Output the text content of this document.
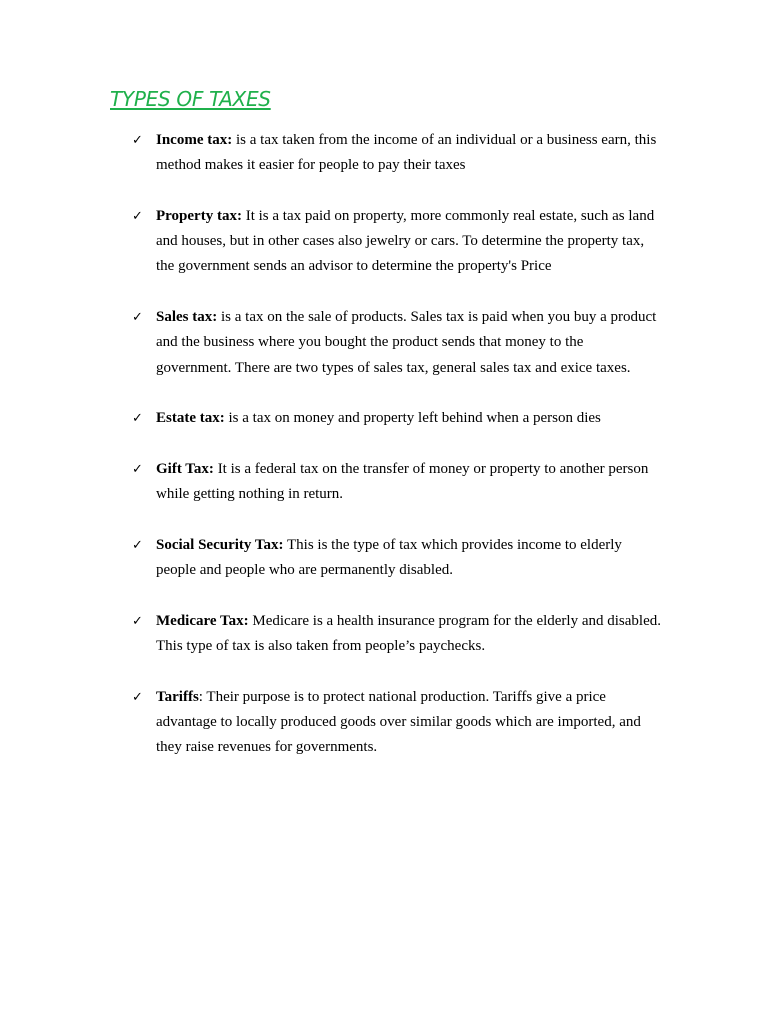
TYPES OF TAXES
✓ Income tax: is a tax taken from the income of an individual or a business earn, this method makes it easier for people to pay their taxes
✓ Property tax: It is a tax paid on property, more commonly real estate, such as land and houses, but in other cases also jewelry or cars. To determine the property tax, the government sends an advisor to determine the property's Price
✓ Sales tax: is a tax on the sale of products. Sales tax is paid when you buy a product and the business where you bought the product sends that money to the government. There are two types of sales tax, general sales tax and exice taxes.
✓ Estate tax: is a tax on money and property left behind when a person dies
✓ Gift Tax: It is a federal tax on the transfer of money or property to another person while getting nothing in return.
✓ Social Security Tax: This is the type of tax which provides income to elderly people and people who are permanently disabled.
✓ Medicare Tax: Medicare is a health insurance program for the elderly and disabled. This type of tax is also taken from people’s paychecks.
✓ Tariffs: Their purpose is to protect national production. Tariffs give a price advantage to locally produced goods over similar goods which are imported, and they raise revenues for governments.
